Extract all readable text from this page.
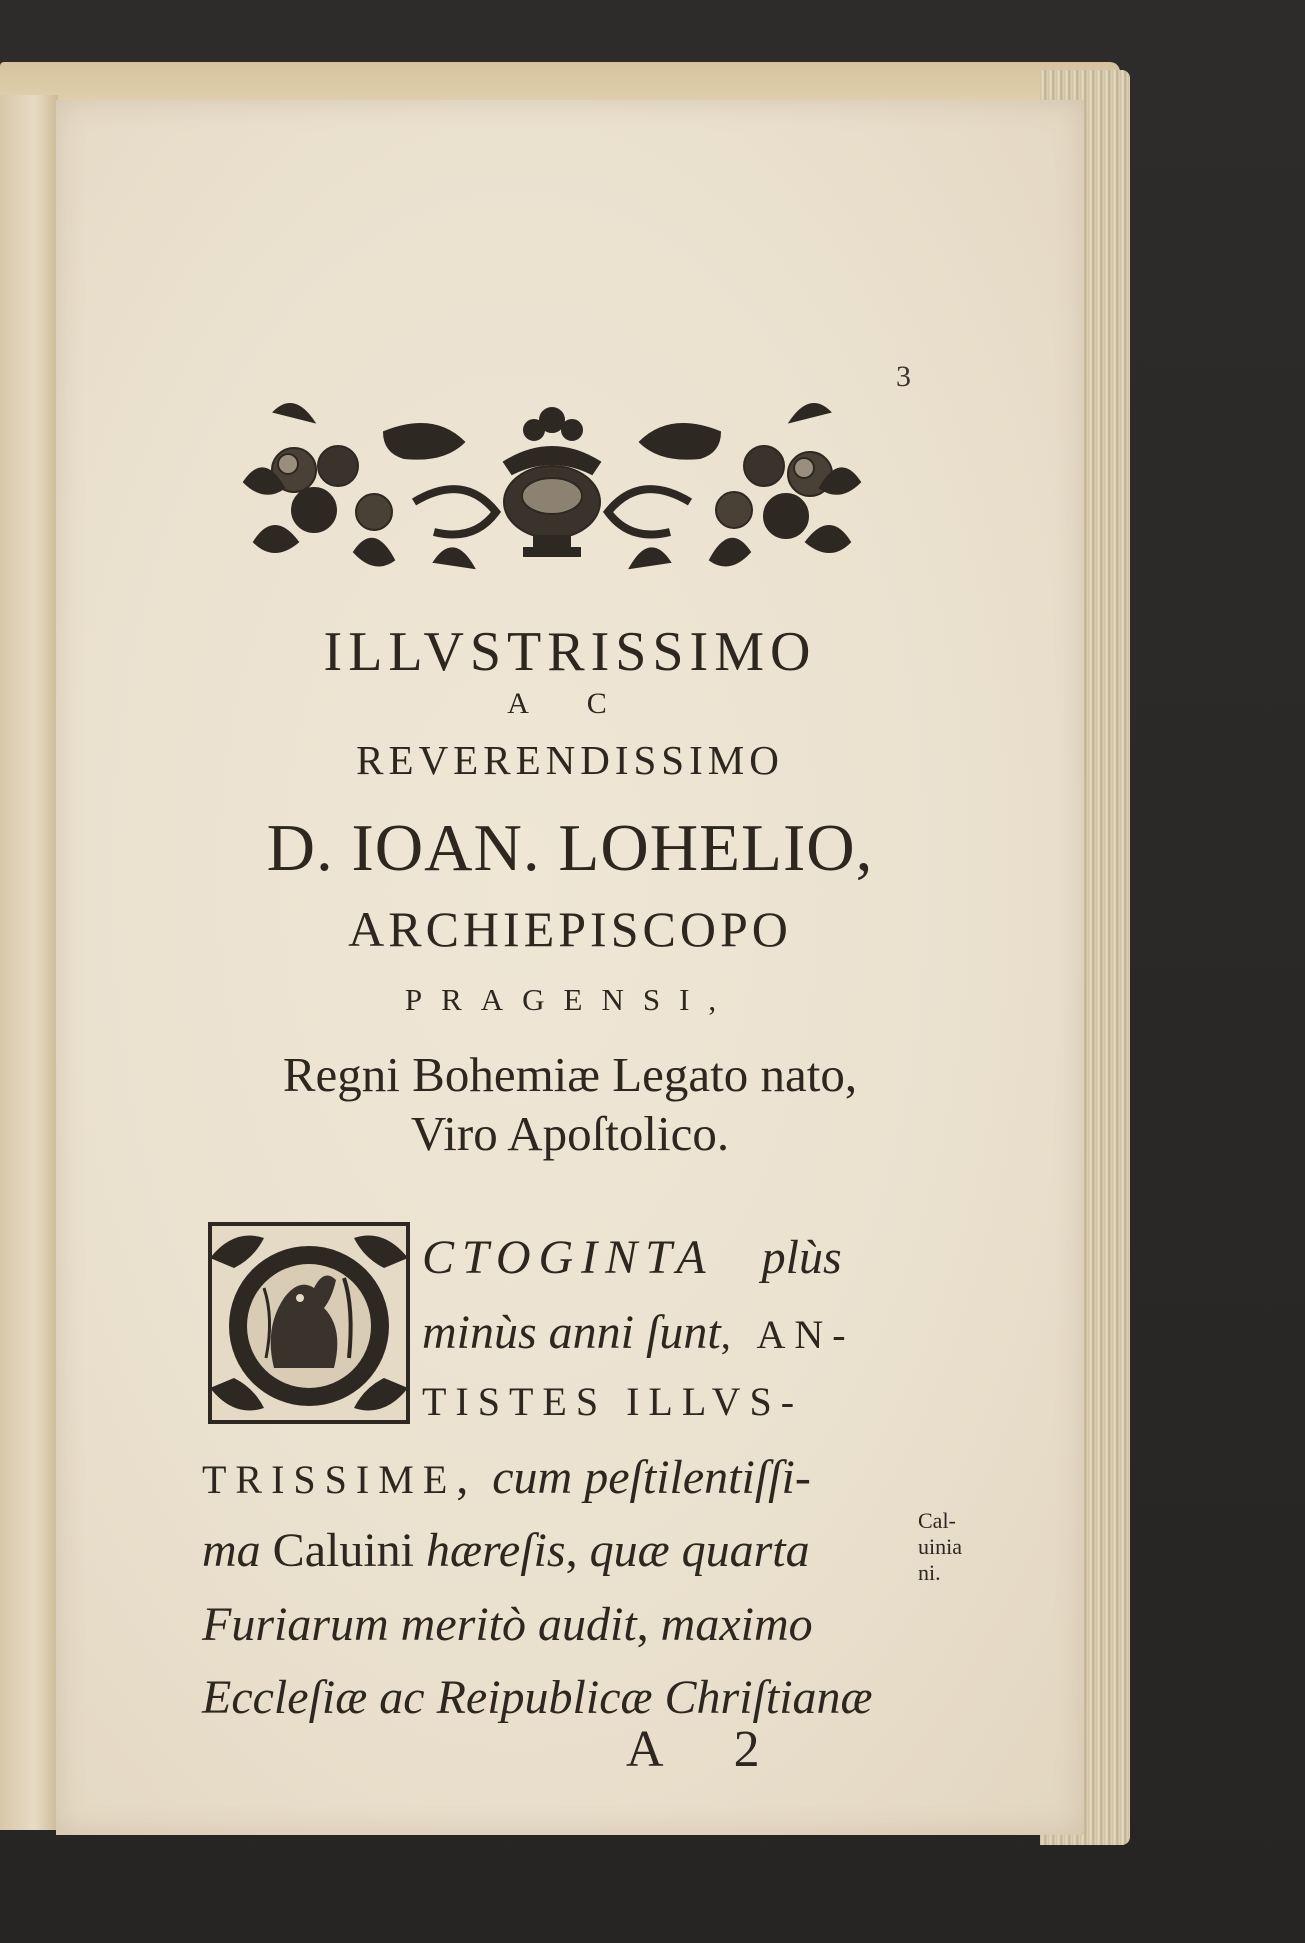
3
ILLVSTRISSIMO
A C
REVERENDISSIMO
D. IOAN. LOHELIO,
ARCHIEPISCOPO
PRAGENSI,
Regni Bohemiæ Legato nato,
Viro Apoſtolico.
CTOGINTA plùs
minùs anni ſunt, AN-
TISTES ILLVS-
TRISSIME, cum peſtilentiſſi-
ma Caluini hæreſis, quæ quarta
Furiarum meritò audit, maximo
Eccleſiæ ac Reipublicæ Chriſtianæ
Cal-
uinia
ni.
A 2
